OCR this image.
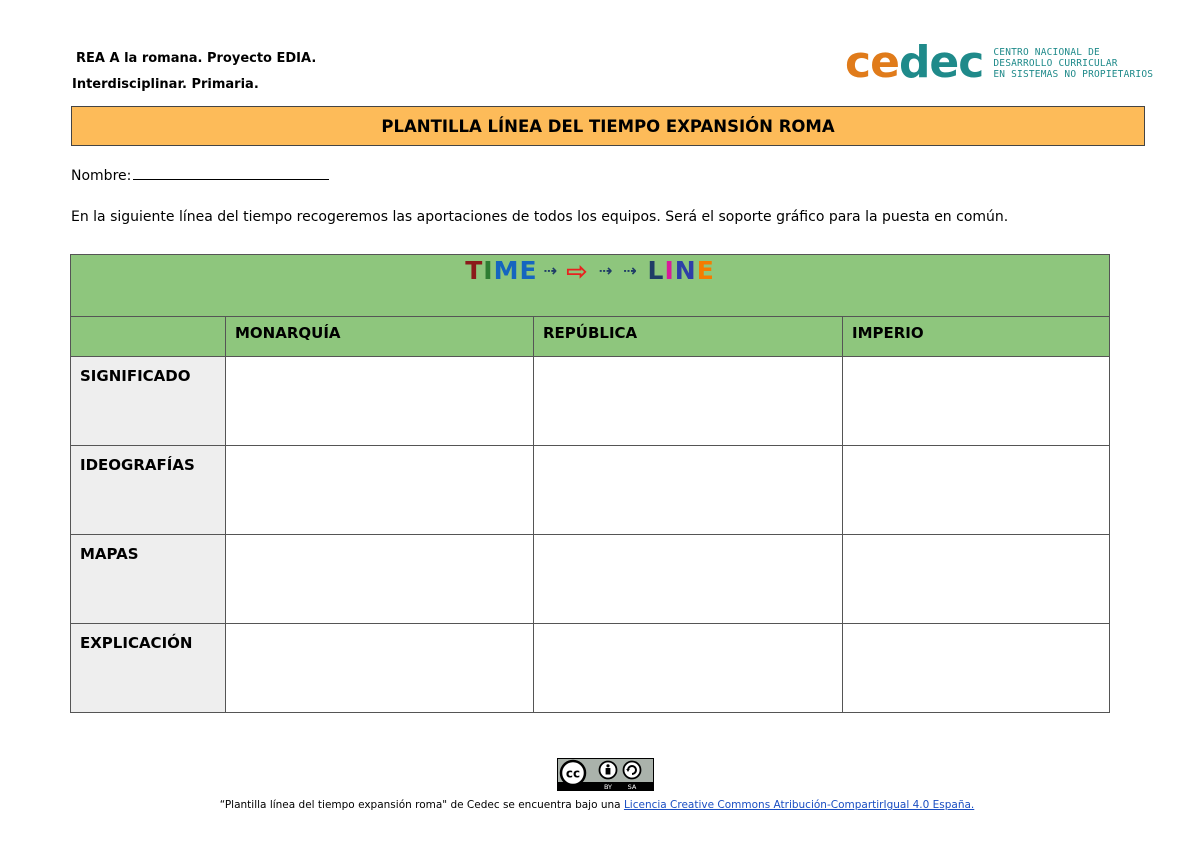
REA A la romana. Proyecto EDIA.
Interdisciplinar. Primaria.	cedec CENTRO NACIONAL DE
DESARROLLO CURRICULAR
EN SISTEMAS NO PROPIETARIOS
PLANTILLA LÍNEA DEL TIEMPO EXPANSIÓN ROMA
Nombre:
En la siguiente línea del tiempo recogeremos las aportaciones de todos los equipos. Será el soporte gráfico para la puesta en común.
TIME ⇢ ⇨ ⇢ ⇢ LINE			
	MONARQUÍA	REPÚBLICA	IMPERIO
SIGNIFICADO			
IDEOGRAFÍAS			
MAPAS			
EXPLICACIÓN			
cc
BY SA
“Plantilla línea del tiempo expansión roma" de Cedec se encuentra bajo una Licencia Creative Commons Atribución-CompartirIgual 4.0 España.
